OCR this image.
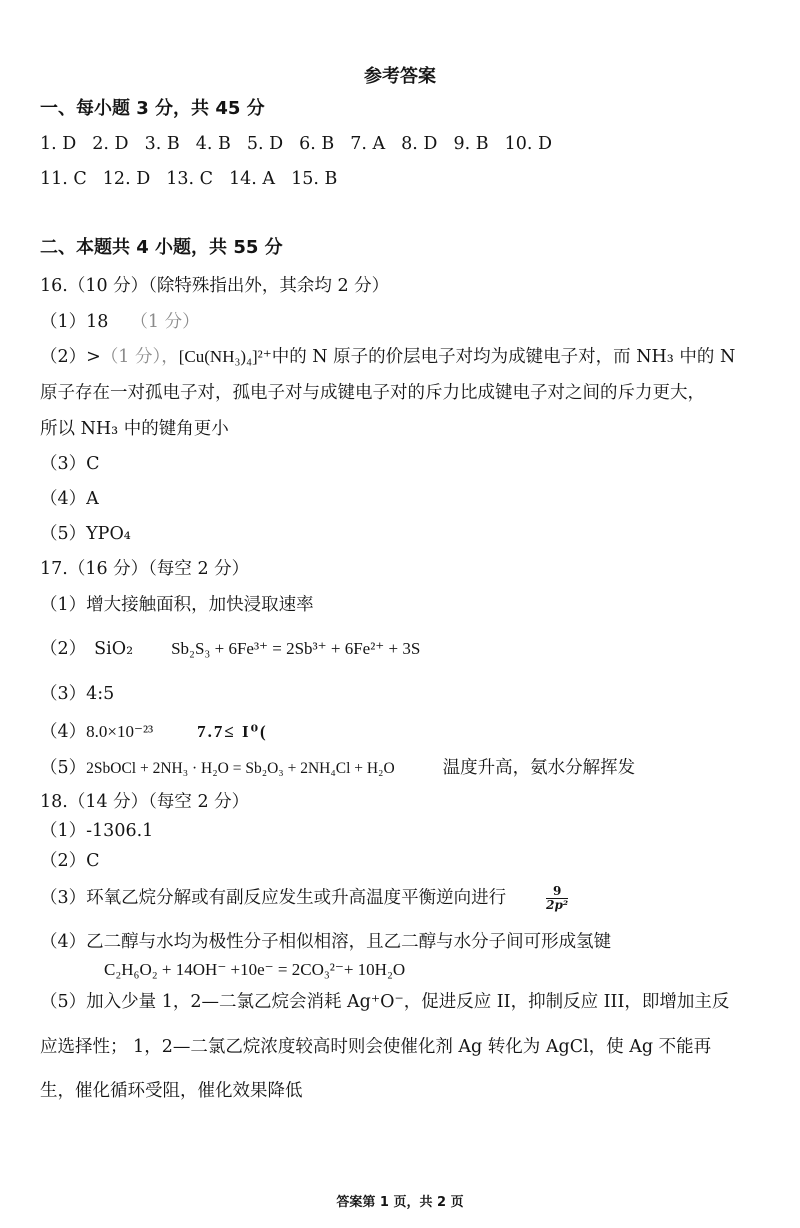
参考答案
一、每小题 3 分，共 45 分
1. D 2. D 3. B 4. B 5. D 6. B 7. A 8. D 9. B 10. D
11. C 12. D 13. C 14. A 15. B
二、本题共 4 小题，共 55 分
16.（10 分）（除特殊指出外，其余均 2 分）
（1）18 （1 分）
（2）>（1 分），[Cu(NH₃)₄]²⁺中的 N 原子的价层电子对均为成键电子对，而 NH₃ 中的 N
原子存在一对孤电子对，孤电子对与成键电子对的斥力比成键电子对之间的斥力更大，
所以 NH₃ 中的键角更小
（3）C
（4）A
（5）YPO₄
17.（16 分）（每空 2 分）
（1）增大接触面积，加快浸取速率
（2） SiO₂ Sb₂S₃ + 6Fe³⁺ = 2Sb³⁺ + 6Fe²⁺ + 3S
（3）4:5
（4）8.0×10⁻²³	7.7≤ I⁰(
（5）2SbOCl + 2NH₃ · H₂O = Sb₂O₃ + 2NH₄Cl + H₂O	温度升高，氨水分解挥发
18.（14 分）（每空 2 分）
（1）-1306.1
（2）C
（3）环氧乙烷分解或有副反应发生或升高温度平衡逆向进行	$\frac{9}{\text{2p²}}$
（4）乙二醇与水均为极性分子相似相溶，且乙二醇与水分子间可形成氢键
C₂H₆O₂ + 14OH⁻ +10e⁻ = 2CO₃²⁻+ 10H₂O
（5）加入少量 1，2—二氯乙烷会消耗 Ag⁺O⁻，促进反应 II，抑制反应 III，即增加主反
应选择性； 1，2—二氯乙烷浓度较高时则会使催化剂 Ag 转化为 AgCl，使 Ag 不能再
生，催化循环受阻，催化效果降低
答案第 1 页，共 2 页
